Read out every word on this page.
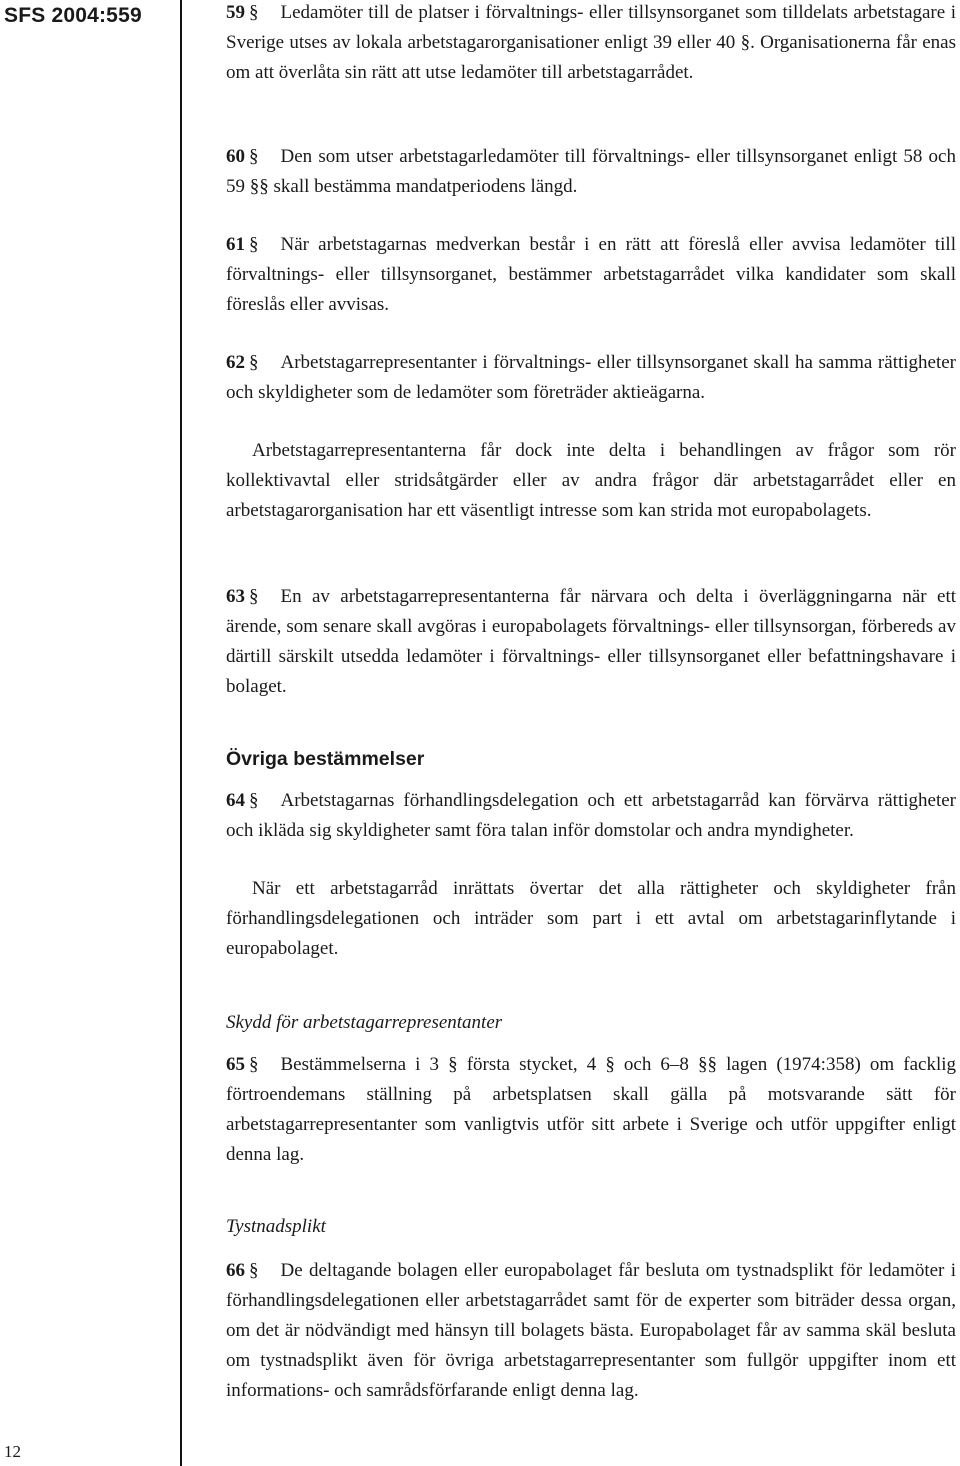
SFS 2004:559
12

59 § Ledamöter till de platser i förvaltnings- eller tillsynsorganet som tilldelats arbetstagare i Sverige utses av lokala arbetstagarorganisationer enligt 39 eller 40 §. Organisationerna får enas om att överlåta sin rätt att utse ledamöter till arbetstagarrådet.

60 § Den som utser arbetstagarledamöter till förvaltnings- eller tillsynsorganet enligt 58 och 59 §§ skall bestämma mandatperiodens längd.

61 § När arbetstagarnas medverkan består i en rätt att föreslå eller avvisa ledamöter till förvaltnings- eller tillsynsorganet, bestämmer arbetstagarrådet vilka kandidater som skall föreslås eller avvisas.

62 § Arbetstagarrepresentanter i förvaltnings- eller tillsynsorganet skall ha samma rättigheter och skyldigheter som de ledamöter som företräder aktieägarna.

Arbetstagarrepresentanterna får dock inte delta i behandlingen av frågor som rör kollektivavtal eller stridsåtgärder eller av andra frågor där arbetstagarrådet eller en arbetstagarorganisation har ett väsentligt intresse som kan strida mot europabolagets.

63 § En av arbetstagarrepresentanterna får närvara och delta i överläggningarna när ett ärende, som senare skall avgöras i europabolagets förvaltnings- eller tillsynsorgan, förbereds av därtill särskilt utsedda ledamöter i förvaltnings- eller tillsynsorganet eller befattningshavare i bolaget.

Övriga bestämmelser

64 § Arbetstagarnas förhandlingsdelegation och ett arbetstagarråd kan förvärva rättigheter och ikläda sig skyldigheter samt föra talan inför domstolar och andra myndigheter.

När ett arbetstagarråd inrättats övertar det alla rättigheter och skyldigheter från förhandlingsdelegationen och inträder som part i ett avtal om arbetstagarinflytande i europabolaget.

Skydd för arbetstagarrepresentanter

65 § Bestämmelserna i 3 § första stycket, 4 § och 6–8 §§ lagen (1974:358) om facklig förtroendemans ställning på arbetsplatsen skall gälla på motsvarande sätt för arbetstagarrepresentanter som vanligtvis utför sitt arbete i Sverige och utför uppgifter enligt denna lag.

Tystnadsplikt

66 § De deltagande bolagen eller europabolaget får besluta om tystnadsplikt för ledamöter i förhandlingsdelegationen eller arbetstagarrådet samt för de experter som biträder dessa organ, om det är nödvändigt med hänsyn till bolagets bästa. Europabolaget får av samma skäl besluta om tystnadsplikt även för övriga arbetstagarrepresentanter som fullgör uppgifter inom ett informations- och samrådsförfarande enligt denna lag.
